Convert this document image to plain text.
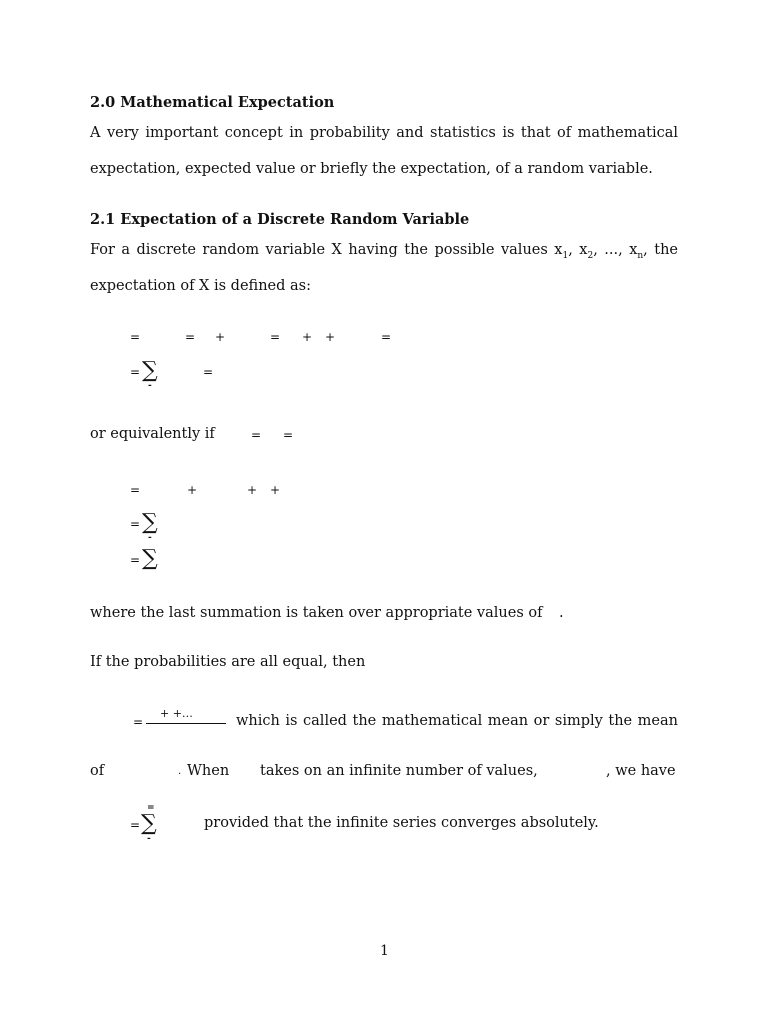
2.0 Mathematical Expectation
A very important concept in probability and statistics is that of mathematical
expectation, expected value or briefly the expectation, of a random variable.
2.1 Expectation of a Discrete Random Variable
For a discrete random variable X having the possible values $x_1$, $x_2$, ..., $x_n$, the
expectation of X is defined as:
=	= +	= + +	=
= ∑
-
=
or equivalently if	= =
=	+	+ +
= ∑
-
= ∑
where the last summation is taken over appropriate values of .
If the probabilities are all equal, then
=
+ +…	which is called the mathematical mean or simply the mean
of	. When takes on an infinite number of values,	, we have
=
= ∑
-
provided that the infinite series converges absolutely.
1
